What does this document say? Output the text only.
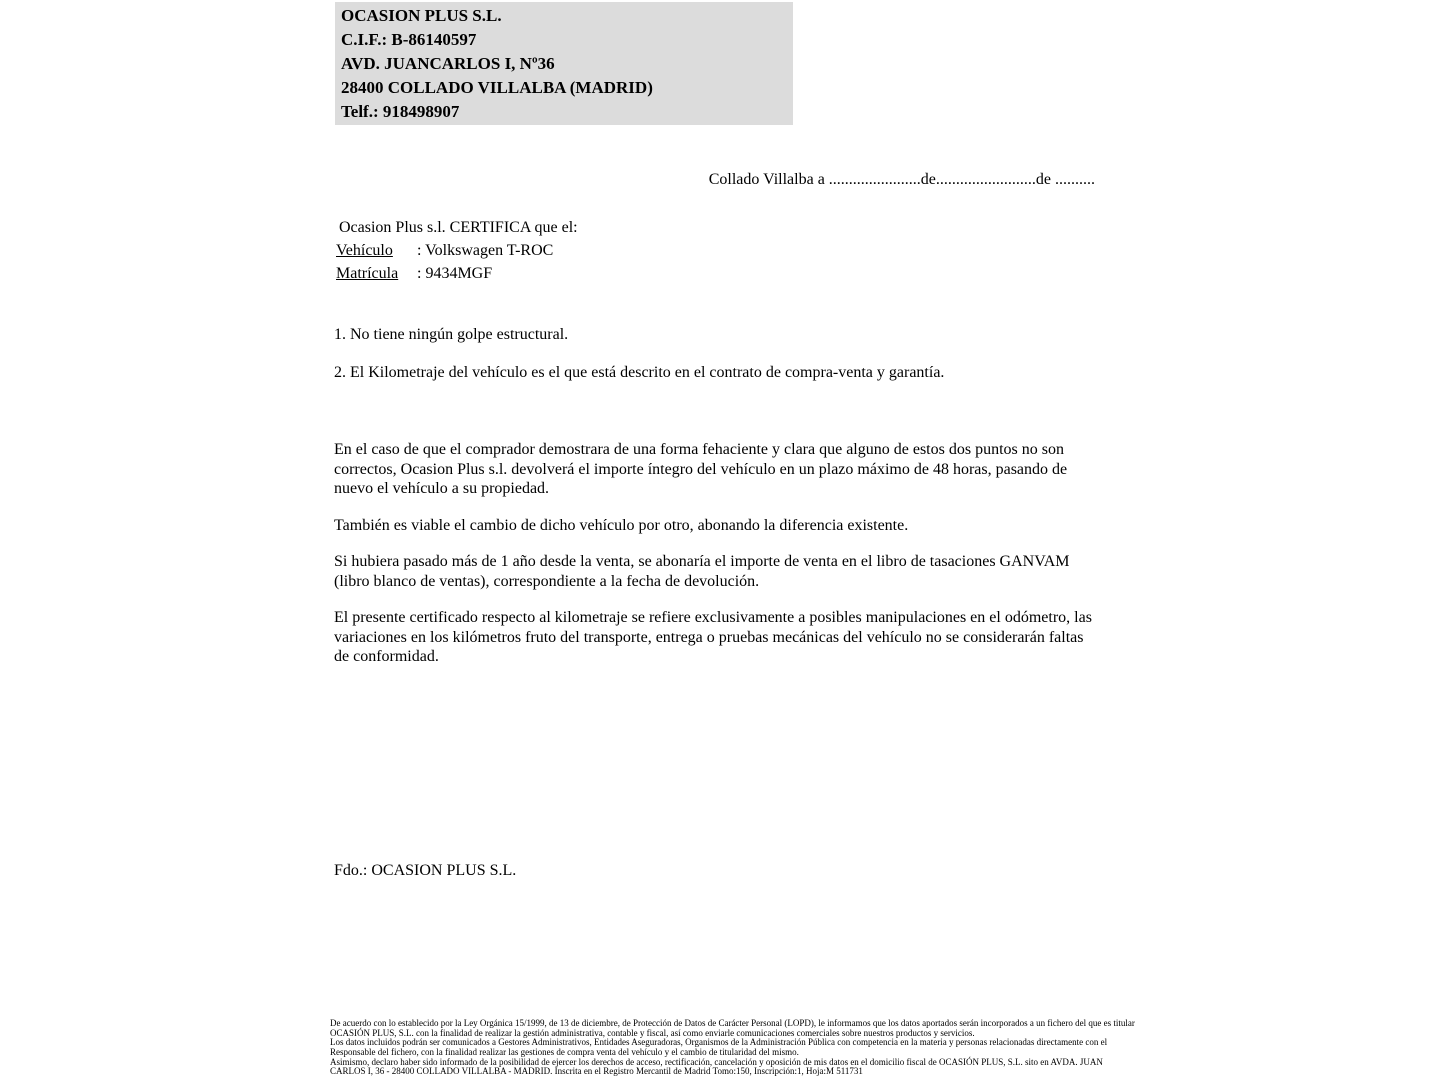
OCASION PLUS S.L.
C.I.F.: B-86140597
AVD. JUANCARLOS I, Nº36
28400 COLLADO VILLALBA (MADRID)
Telf.: 918498907
Collado Villalba a .......................de.........................de ..........
Ocasion Plus s.l. CERTIFICA que el:
Vehículo : Volkswagen T-ROC
Matrícula : 9434MGF
1. No tiene ningún golpe estructural.
2. El Kilometraje del vehículo es el que está descrito en el contrato de compra-venta y garantía.

En el caso de que el comprador demostrara de una forma fehaciente y clara que alguno de estos dos puntos no son correctos, Ocasion Plus s.l. devolverá el importe íntegro del vehículo en un plazo máximo de 48 horas, pasando de nuevo el vehículo a su propiedad.

También es viable el cambio de dicho vehículo por otro, abonando la diferencia existente.

Si hubiera pasado más de 1 año desde la venta, se abonaría el importe de venta en el libro de tasaciones GANVAM (libro blanco de ventas), correspondiente a la fecha de devolución.

El presente certificado respecto al kilometraje se refiere exclusivamente a posibles manipulaciones en el odómetro, las variaciones en los kilómetros fruto del transporte, entrega o pruebas mecánicas del vehículo no se considerarán faltas de conformidad.

Fdo.: OCASION PLUS S.L.
De acuerdo con lo establecido por la Ley Orgánica 15/1999, de 13 de diciembre, de Protección de Datos de Carácter Personal (LOPD), le informamos que los datos aportados serán incorporados a un fichero del que es titular
OCASIÓN PLUS, S.L. con la finalidad de realizar la gestión administrativa, contable y fiscal, así como enviarle comunicaciones comerciales sobre nuestros productos y servicios.
Los datos incluidos podrán ser comunicados a Gestores Administrativos, Entidades Aseguradoras, Organismos de la Administración Pública con competencia en la materia y personas relacionadas directamente con el
Responsable del fichero, con la finalidad realizar las gestiones de compra venta del vehículo y el cambio de titularidad del mismo.
Asimismo, declaro haber sido informado de la posibilidad de ejercer los derechos de acceso, rectificación, cancelación y oposición de mis datos en el domicilio fiscal de OCASIÓN PLUS, S.L. sito en AVDA. JUAN
CARLOS I, 36 - 28400 COLLADO VILLALBA - MADRID. Inscrita en el Registro Mercantil de Madrid Tomo:150, Inscripción:1, Hoja:M 511731
